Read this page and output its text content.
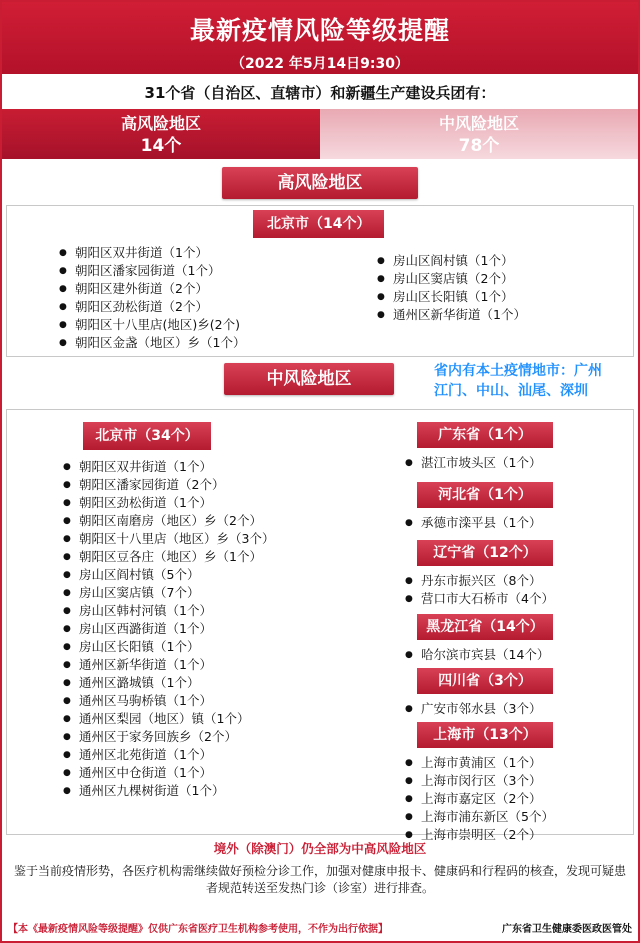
最新疫情风险等级提醒
（2022 年5月14日9:30）
31个省（自治区、直辖市）和新疆生产建设兵团有：
高风险地区
14个
中风险地区
78个
高风险地区
北京市（14个）
● 朝阳区双井街道（1个）
● 朝阳区潘家园街道（1个）
● 朝阳区建外街道（2个）
● 朝阳区劲松街道（2个）
● 朝阳区十八里店(地区)乡(2个)
● 朝阳区金盏（地区）乡（1个）
● 房山区阎村镇（1个）
● 房山区窦店镇（2个）
● 房山区长阳镇（1个）
● 通州区新华街道（1个）
中风险地区	省内有本土疫情地市：广州
江门、中山、汕尾、深圳
北京市（34个）
● 朝阳区双井街道（1个）
● 朝阳区潘家园街道（2个）
● 朝阳区劲松街道（1个）
● 朝阳区南磨房（地区）乡（2个）
● 朝阳区十八里店（地区）乡（3个）
● 朝阳区豆各庄（地区）乡（1个）
● 房山区阎村镇（5个）
● 房山区窦店镇（7个）
● 房山区韩村河镇（1个）
● 房山区西潞街道（1个）
● 房山区长阳镇（1个）
● 通州区新华街道（1个）
● 通州区潞城镇（1个）
● 通州区马驹桥镇（1个）
● 通州区梨园（地区）镇（1个）
● 通州区于家务回族乡（2个）
● 通州区北苑街道（1个）
● 通州区中仓街道（1个）
● 通州区九棵树街道（1个）
广东省（1个）
● 湛江市坡头区（1个）
河北省（1个）
● 承德市滦平县（1个）
辽宁省（12个）
● 丹东市振兴区（8个）
● 营口市大石桥市（4个）
黑龙江省（14个）
● 哈尔滨市宾县（14个）
四川省（3个）
● 广安市邻水县（3个）
上海市（13个）
● 上海市黄浦区（1个）
● 上海市闵行区（3个）
● 上海市嘉定区（2个）
● 上海市浦东新区（5个）
● 上海市崇明区（2个）
境外（除澳门）仍全部为中高风险地区
鉴于当前疫情形势，各医疗机构需继续做好预检分诊工作，加强对健康申报卡、健康码和行程码的核查，发现可疑患者规范转送至发热门诊（诊室）进行排查。
【本《最新疫情风险等级提醒》仅供广东省医疗卫生机构参考使用，不作为出行依据】	广东省卫生健康委医政医管处
